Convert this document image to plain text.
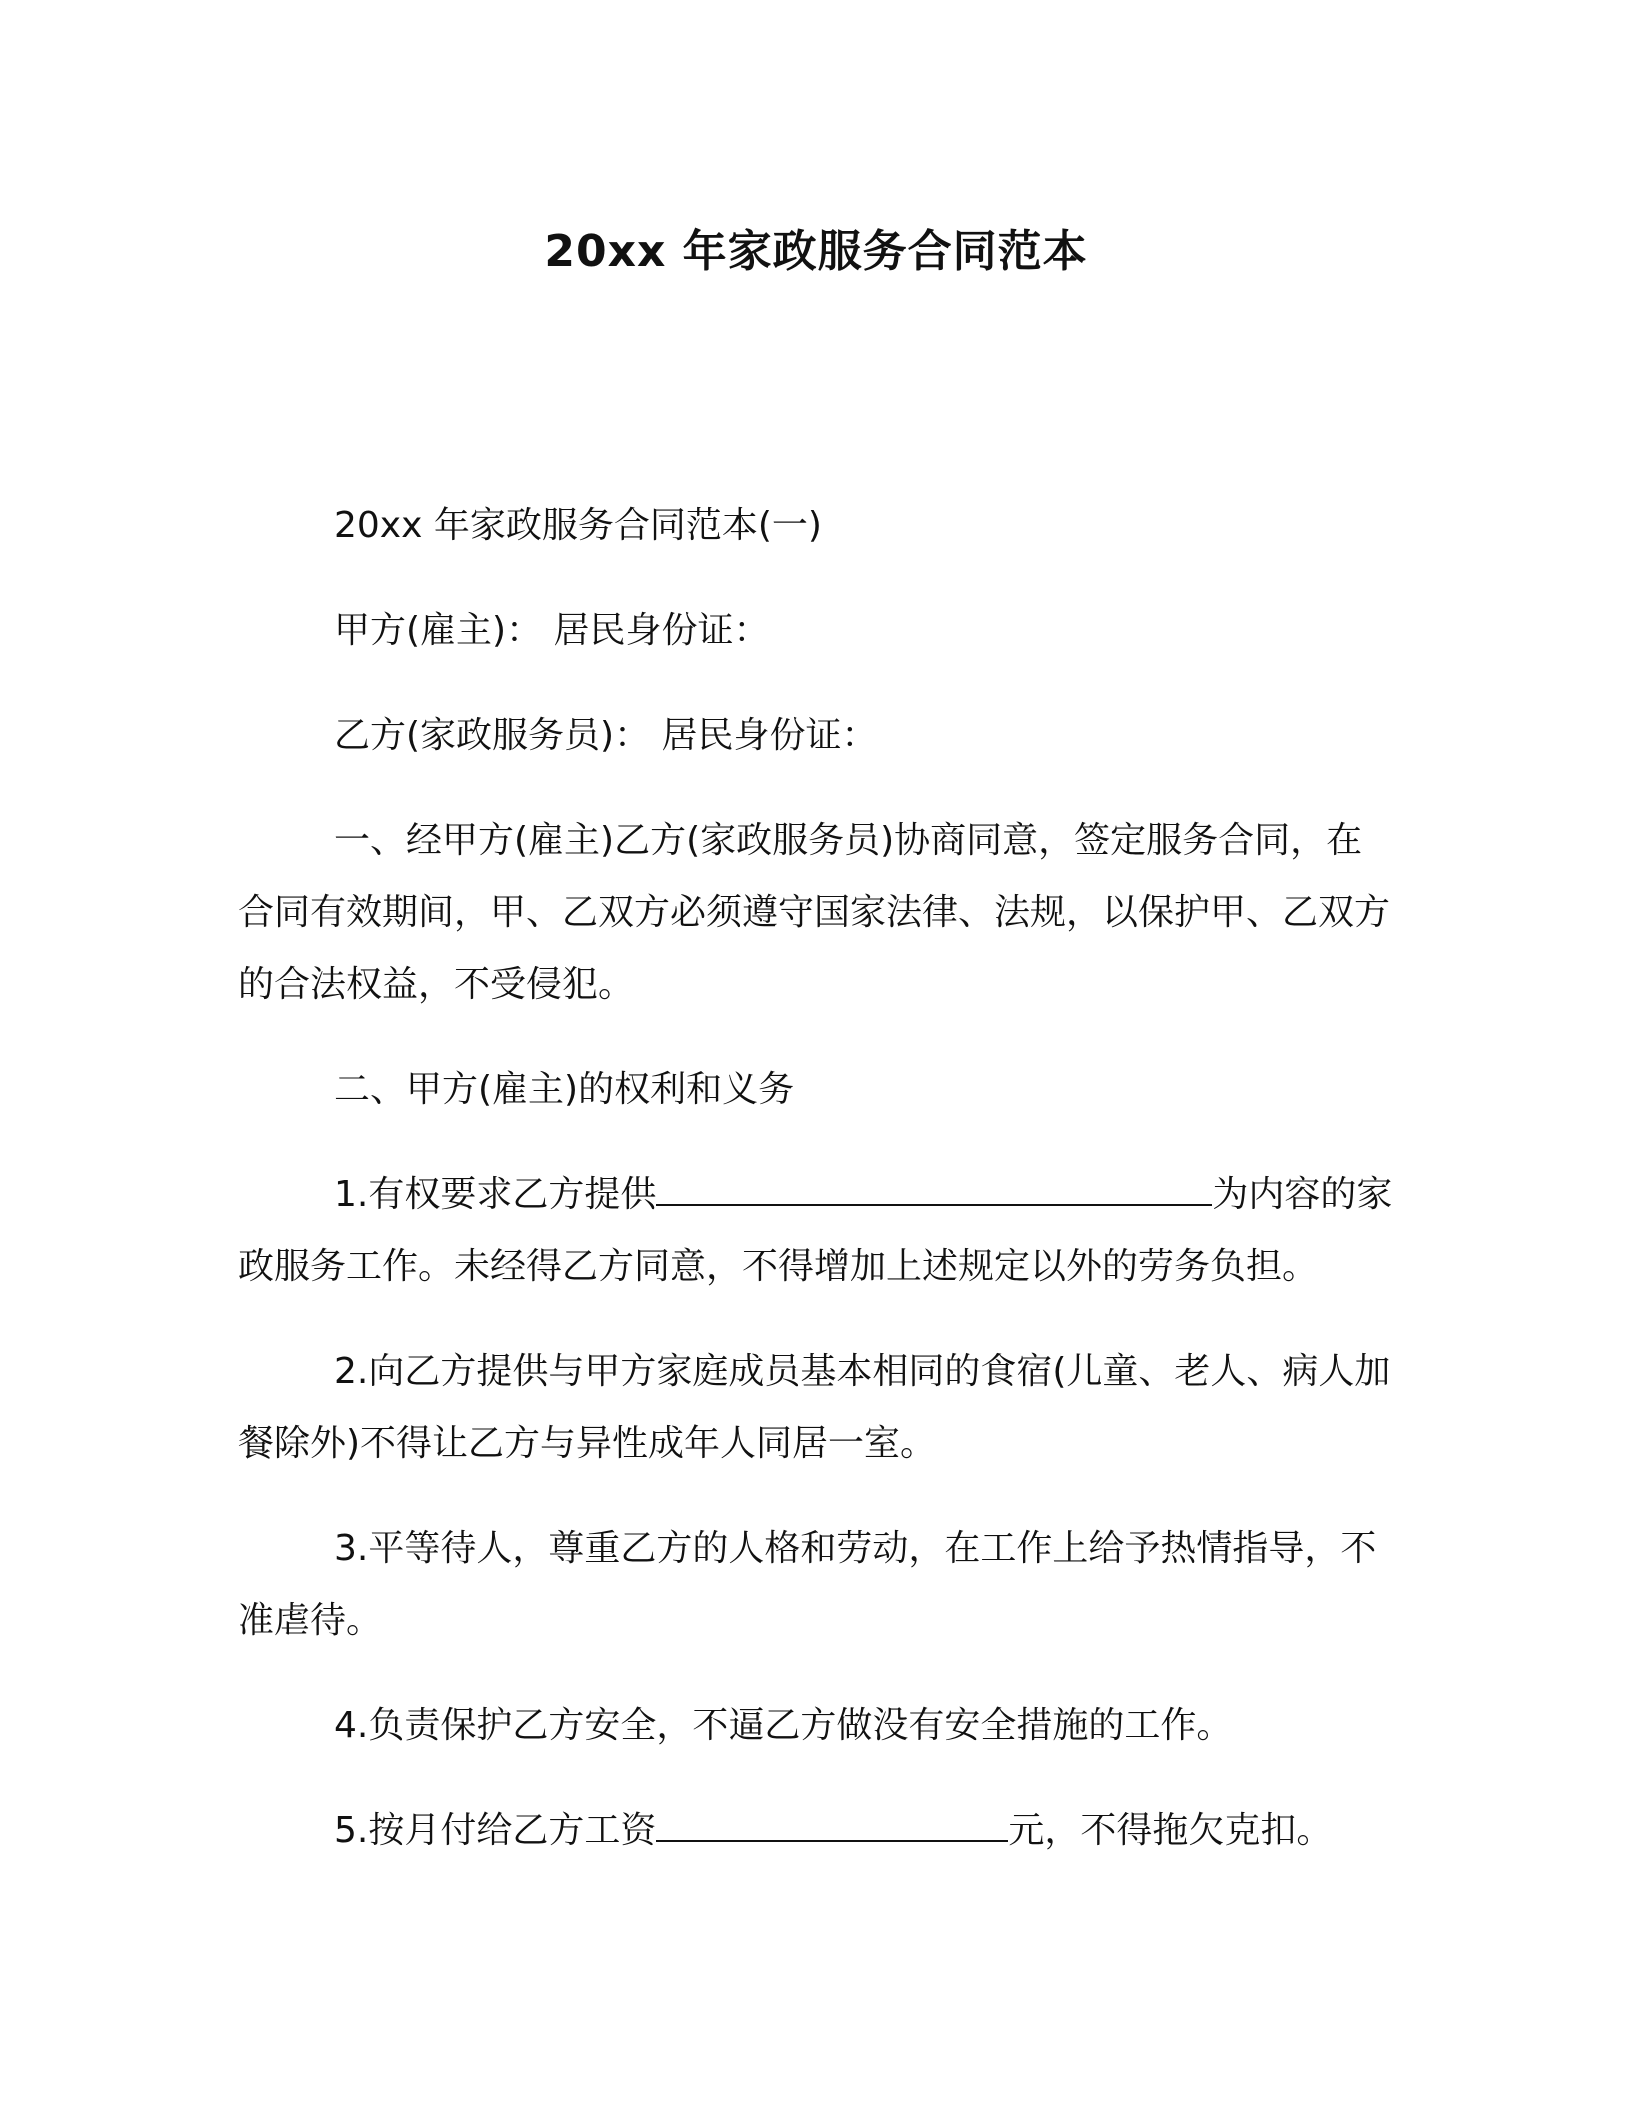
20xx 年家政服务合同范本

20xx 年家政服务合同范本(一)

甲方(雇主)： 居民身份证：

乙方(家政服务员)： 居民身份证：

一、经甲方(雇主)乙方(家政服务员)协商同意，签定服务合同，在合同有效期间，甲、乙双方必须遵守国家法律、法规，以保护甲、乙双方的合法权益，不受侵犯。

二、甲方(雇主)的权利和义务

1.有权要求乙方提供	为内容的家政服务工作。未经得乙方同意，不得增加上述规定以外的劳务负担。

2.向乙方提供与甲方家庭成员基本相同的食宿(儿童、老人、病人加餐除外)不得让乙方与异性成年人同居一室。

3.平等待人，尊重乙方的人格和劳动，在工作上给予热情指导，不准虐待。

4.负责保护乙方安全，不逼乙方做没有安全措施的工作。

5.按月付给乙方工资	元，不得拖欠克扣。
